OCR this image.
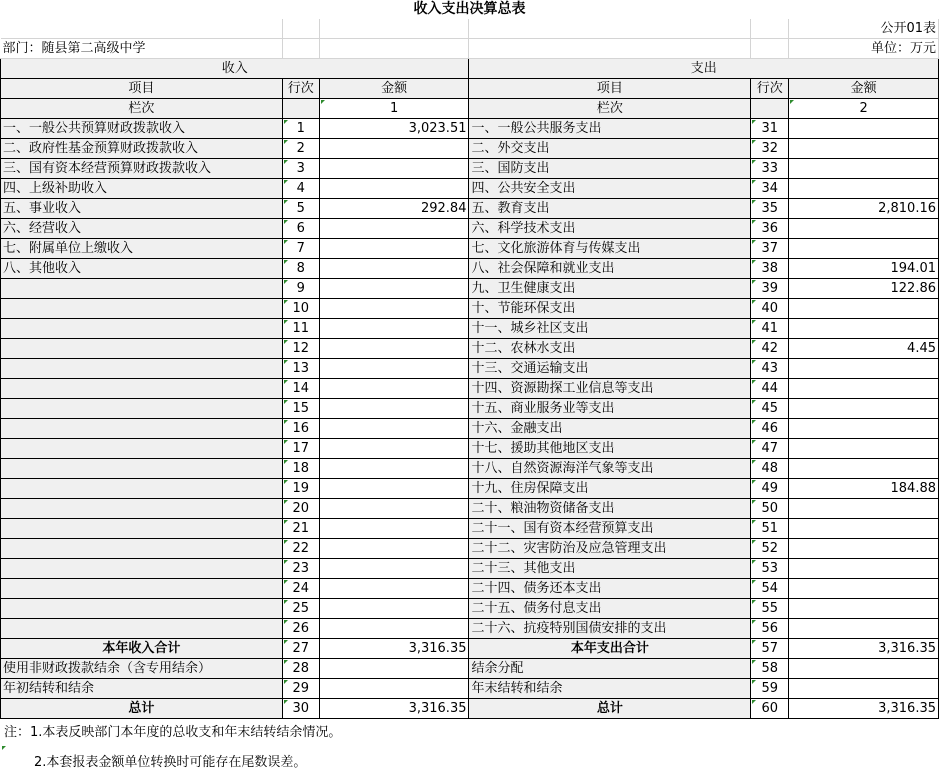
收入支出决算总表					
					公开01表
部门：随县第二高级中学					单位：万元
收入			支出		
项目	行次	金额	项目	行次	金额
栏次		1	栏次		2
一、一般公共预算财政拨款收入	1	3,023.51	一、一般公共服务支出	31	
二、政府性基金预算财政拨款收入	2		二、外交支出	32	
三、国有资本经营预算财政拨款收入	3		三、国防支出	33	
四、上级补助收入	4		四、公共安全支出	34	
五、事业收入	5	292.84	五、教育支出	35	2,810.16
六、经营收入	6		六、科学技术支出	36	
七、附属单位上缴收入	7		七、文化旅游体育与传媒支出	37	
八、其他收入	8		八、社会保障和就业支出	38	194.01
	9		九、卫生健康支出	39	122.86
	10		十、节能环保支出	40	
	11		十一、城乡社区支出	41	
	12		十二、农林水支出	42	4.45
	13		十三、交通运输支出	43	
	14		十四、资源勘探工业信息等支出	44	
	15		十五、商业服务业等支出	45	
	16		十六、金融支出	46	
	17		十七、援助其他地区支出	47	
	18		十八、自然资源海洋气象等支出	48	
	19		十九、住房保障支出	49	184.88
	20		二十、粮油物资储备支出	50	
	21		二十一、国有资本经营预算支出	51	
	22		二十二、灾害防治及应急管理支出	52	
	23		二十三、其他支出	53	
	24		二十四、债务还本支出	54	
	25		二十五、债务付息支出	55	
	26		二十六、抗疫特别国债安排的支出	56	
本年收入合计	27	3,316.35	本年支出合计	57	3,316.35
使用非财政拨款结余（含专用结余）	28		结余分配	58	
年初结转和结余	29		年末结转和结余	59	
总计	30	3,316.35	总计	60	3,316.35
注：1.本表反映部门本年度的总收支和年末结转结余情况。
2.本套报表金额单位转换时可能存在尾数误差。
